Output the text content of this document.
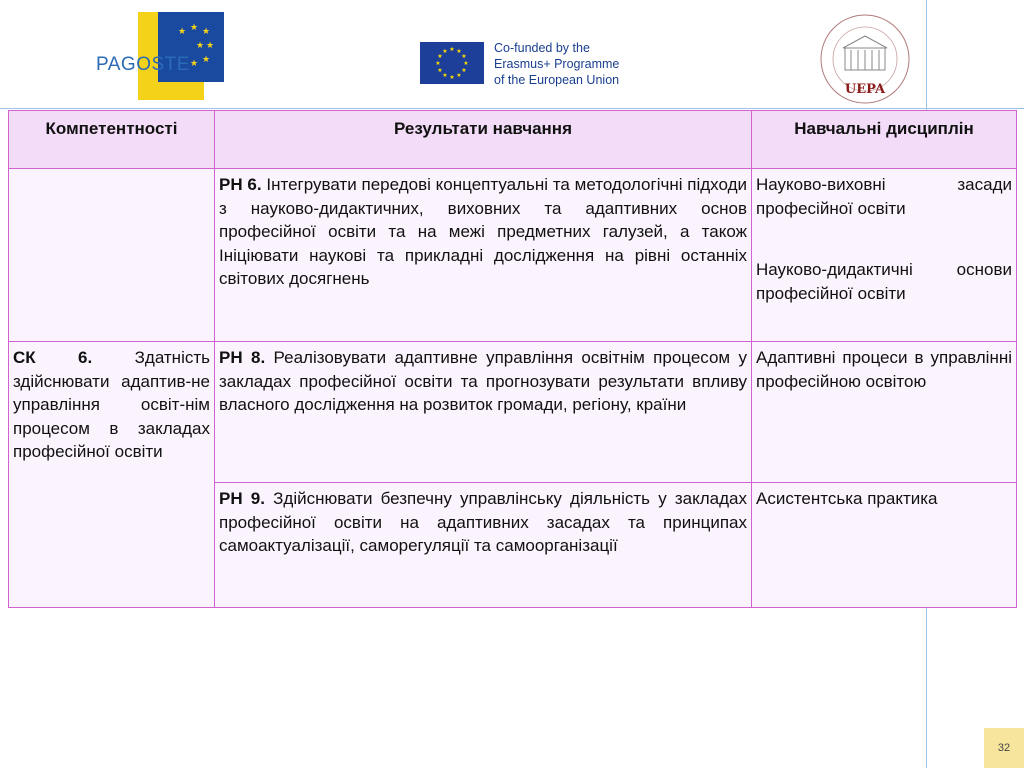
★ ★ ★
★
★
★
★
PAGOSTE
★ ★
★
★
★
★
★
★
★
★
★
★	Co-funded by the
Erasmus+ Programme
of the European Union
UEPA
Компетентності	Результати навчання	Навчальні дисциплін
	РН 6. Інтегрувати передові концептуальні та методологічні підходи з науково-дидактичних, виховних та адаптивних основ професійної освіти та на межі предметних галузей, а також Ініціювати наукові та прикладні дослідження на рівні останніх світових досягнень	Науково-виховні засади професійної освіти
Науково-дидактичні основи професійної освіти

СК 6. Здатність здійснювати адаптив-не управління освіт-нім процесом в закладах професійної освіти	РН 8. Реалізовувати адаптивне управління освітнім процесом у закладах професійної освіти та прогнозувати результати впливу власного дослідження на розвиток громади, регіону, країни	Адаптивні процеси в управлінні професійною освітою

	РН 9. Здійснювати безпечну управлінську діяльність у закладах професійної освіти на адаптивних засадах та принципах самоактуалізації, саморегуляції та самоорганізації	Асистентська практика
32
